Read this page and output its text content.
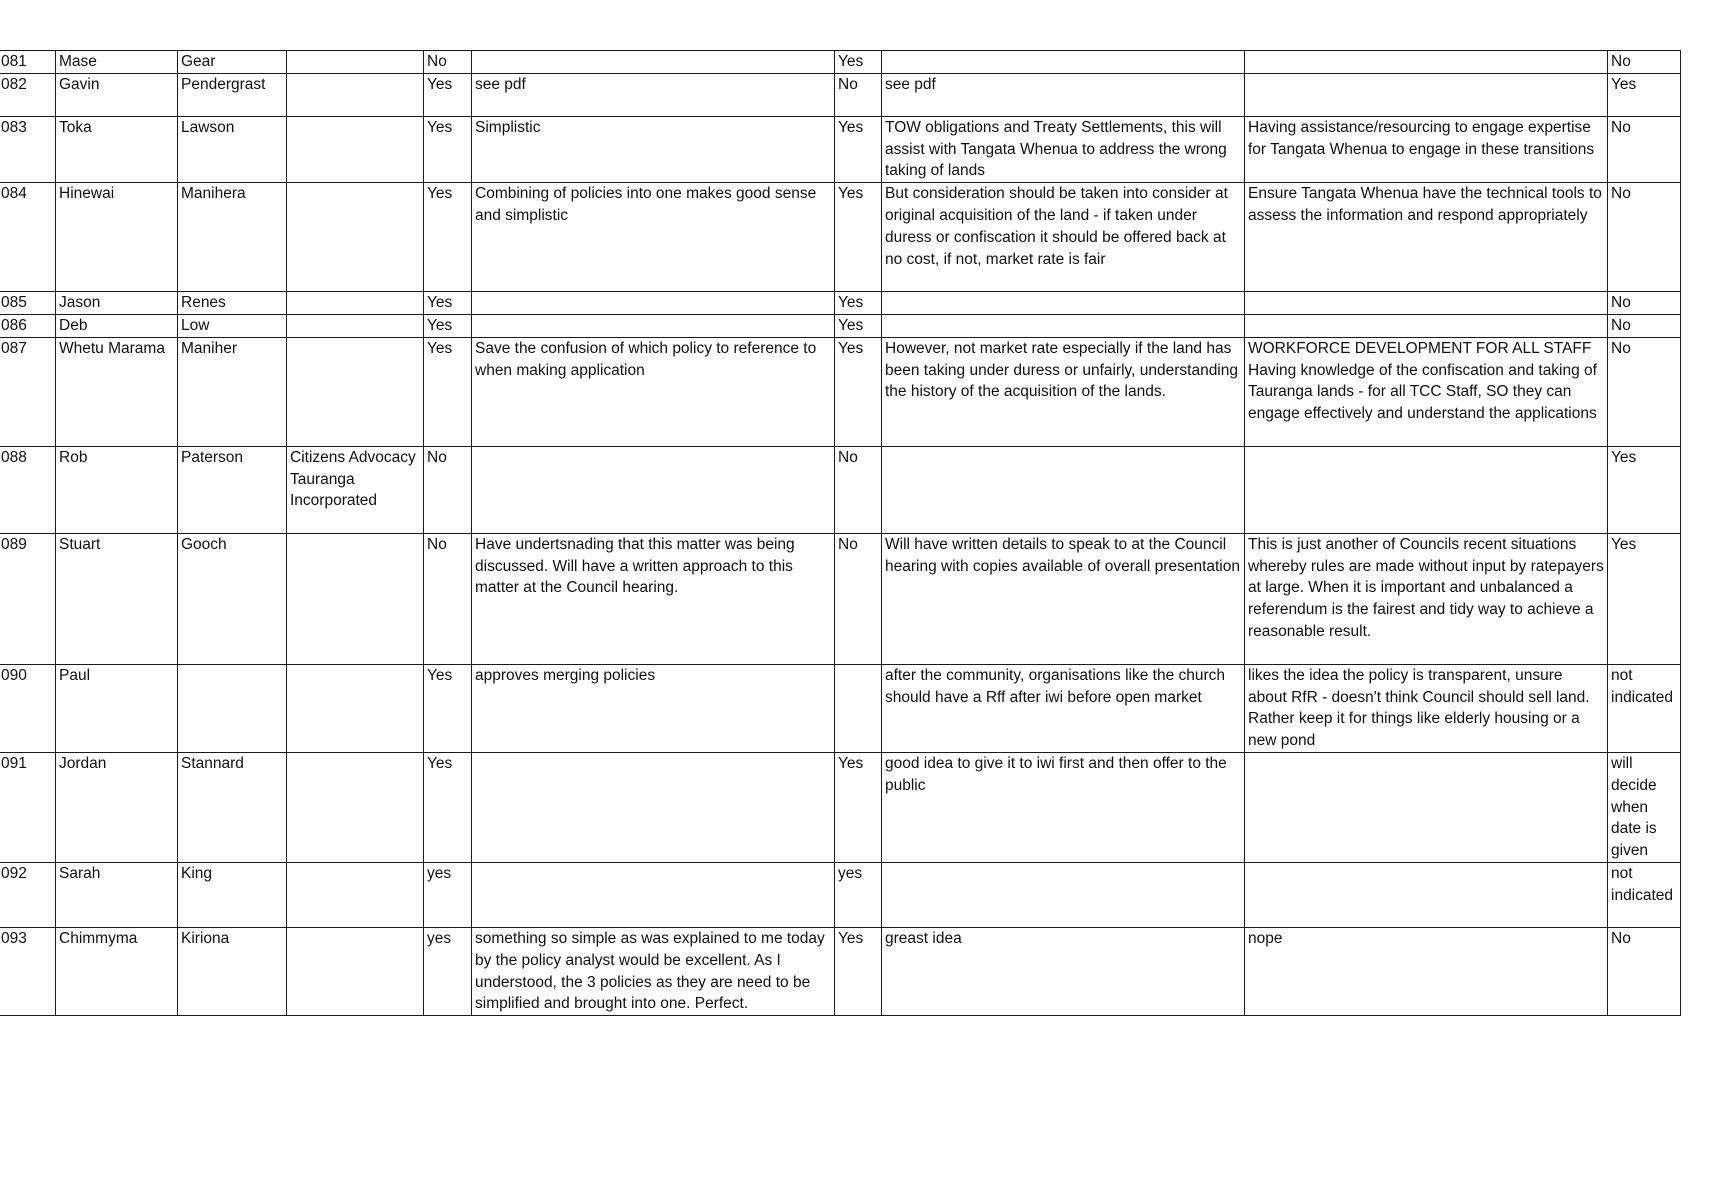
081	Mase	Gear		No		Yes			No
082	Gavin	Pendergrast		Yes	see pdf	No	see pdf		Yes
083	Toka	Lawson		Yes	Simplistic	Yes	TOW obligations and Treaty Settlements, this will assist with Tangata Whenua to address the wrong taking of lands	Having assistance/resourcing to engage expertise for Tangata Whenua to engage in these transitions	No
084	Hinewai	Manihera		Yes	Combining of policies into one makes good sense and simplistic	Yes	But consideration should be taken into consider at original acquisition of the land - if taken under duress or confiscation it should be offered back at no cost, if not, market rate is fair	Ensure Tangata Whenua have the technical tools to assess the information and respond appropriately	No
085	Jason	Renes		Yes		Yes			No
086	Deb	Low		Yes		Yes			No
087	Whetu Marama	Maniher		Yes	Save the confusion of which policy to reference to when making application	Yes	However, not market rate especially if the land has been taking under duress or unfairly, understanding the history of the acquisition of the lands.	WORKFORCE DEVELOPMENT FOR ALL STAFF
Having knowledge of the confiscation and taking of Tauranga lands - for all TCC Staff, SO they can engage effectively and understand the applications	No
088	Rob	Paterson	Citizens Advocacy Tauranga Incorporated	No		No			Yes
089	Stuart	Gooch		No	Have undertsnading that this matter was being discussed. Will have a written approach to this matter at the Council hearing.	No	Will have written details to speak to at the Council hearing with copies available of overall presentation	This is just another of Councils recent situations whereby rules are made without input by ratepayers at large. When it is important and unbalanced a referendum is the fairest and tidy way to achieve a reasonable result.	Yes
090	Paul			Yes	approves merging policies		after the community, organisations like the church should have a Rff after iwi before open market	likes the idea the policy is transparent, unsure about RfR - doesn't think Council should sell land. Rather keep it for things like elderly housing or a new pond	not indicated
091	Jordan	Stannard		Yes		Yes	good idea to give it to iwi first and then offer to the public		will decide when date is given
092	Sarah	King		yes		yes			not indicated
093	Chimmyma	Kiriona		yes	something so simple as was explained to me today by the policy analyst would be excellent. As I understood, the 3 policies as they are need to be simplified and brought into one. Perfect.	Yes	greast idea	nope	No
